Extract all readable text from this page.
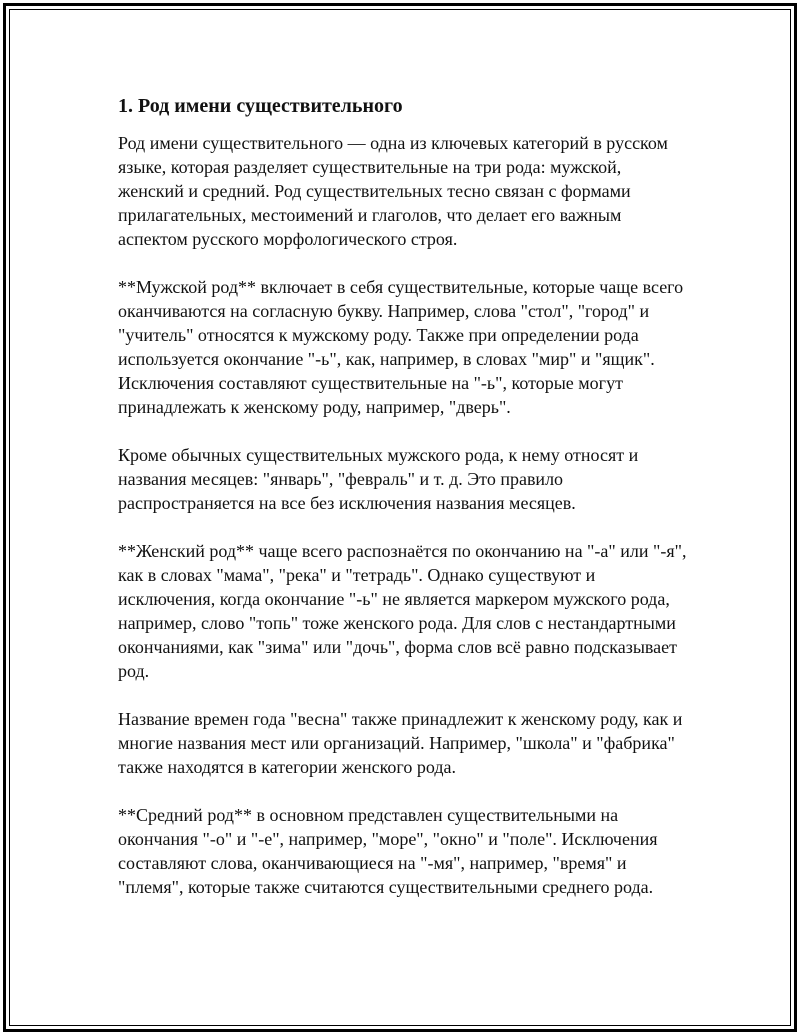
1. Род имени существительного

Род имени существительного — одна из ключевых категорий в русском языке, которая разделяет существительные на три рода: мужской, женский и средний. Род существительных тесно связан с формами прилагательных, местоимений и глаголов, что делает его важным аспектом русского морфологического строя.

**Мужской род** включает в себя существительные, которые чаще всего оканчиваются на согласную букву. Например, слова "стол", "город" и "учитель" относятся к мужскому роду. Также при определении рода используется окончание "-ь", как, например, в словах "мир" и "ящик". Исключения составляют существительные на "-ь", которые могут принадлежать к женскому роду, например, "дверь".

Кроме обычных существительных мужского рода, к нему относят и названия месяцев: "январь", "февраль" и т. д. Это правило распространяется на все без исключения названия месяцев.

**Женский род** чаще всего распознаётся по окончанию на "-а" или "-я", как в словах "мама", "река" и "тетрадь". Однако существуют и исключения, когда окончание "-ь" не является маркером мужского рода, например, слово "топь" тоже женского рода. Для слов с нестандартными окончаниями, как "зима" или "дочь", форма слов всё равно подсказывает род.

Название времен года "весна" также принадлежит к женскому роду, как и многие названия мест или организаций. Например, "школа" и "фабрика" также находятся в категории женского рода.

**Средний род** в основном представлен существительными на окончания "-о" и "-е", например, "море", "окно" и "поле". Исключения составляют слова, оканчивающиеся на "-мя", например, "время" и "племя", которые также считаются существительными среднего рода.
